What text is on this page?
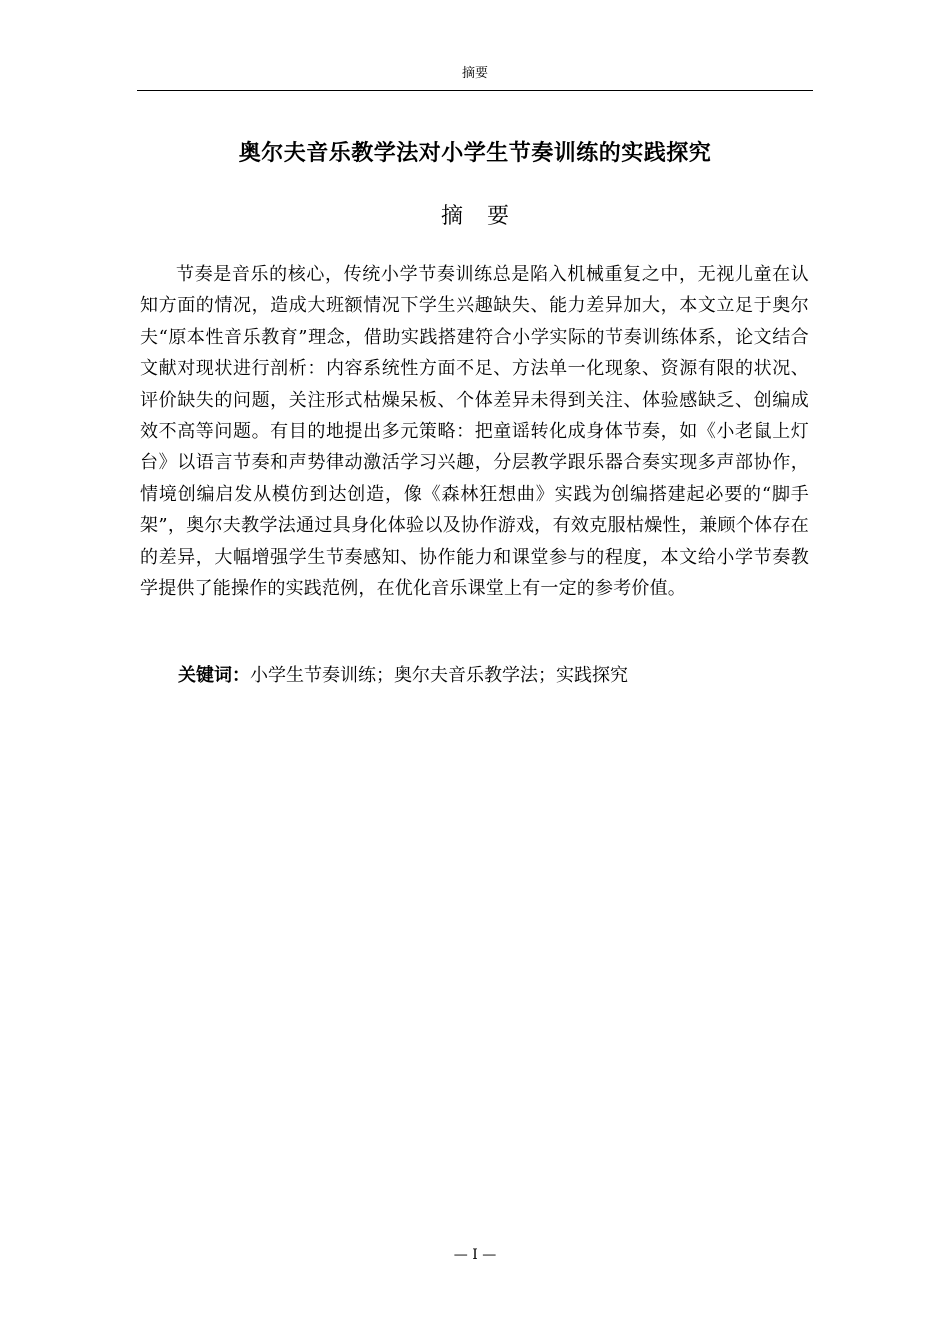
摘要
奥尔夫音乐教学法对小学生节奏训练的实践探究
摘要

节奏是音乐的核心，传统小学节奏训练总是陷入机械重复之中，无视儿童在认知方面的情况，造成大班额情况下学生兴趣缺失、能力差异加大，本文立足于奥尔夫“原本性音乐教育”理念，借助实践搭建符合小学实际的节奏训练体系，论文结合文献对现状进行剖析：内容系统性方面不足、方法单一化现象、资源有限的状况、评价缺失的问题，关注形式枯燥呆板、个体差异未得到关注、体验感缺乏、创编成效不高等问题。有目的地提出多元策略：把童谣转化成身体节奏，如《小老鼠上灯台》以语言节奏和声势律动激活学习兴趣，分层教学跟乐器合奏实现多声部协作，情境创编启发从模仿到达创造，像《森林狂想曲》实践为创编搭建起必要的“脚手架”，奥尔夫教学法通过具身化体验以及协作游戏，有效克服枯燥性，兼顾个体存在的差异，大幅增强学生节奏感知、协作能力和课堂参与的程度，本文给小学节奏教学提供了能操作的实践范例，在优化音乐课堂上有一定的参考价值。

关键词：小学生节奏训练；奥尔夫音乐教学法；实践探究
— I —
